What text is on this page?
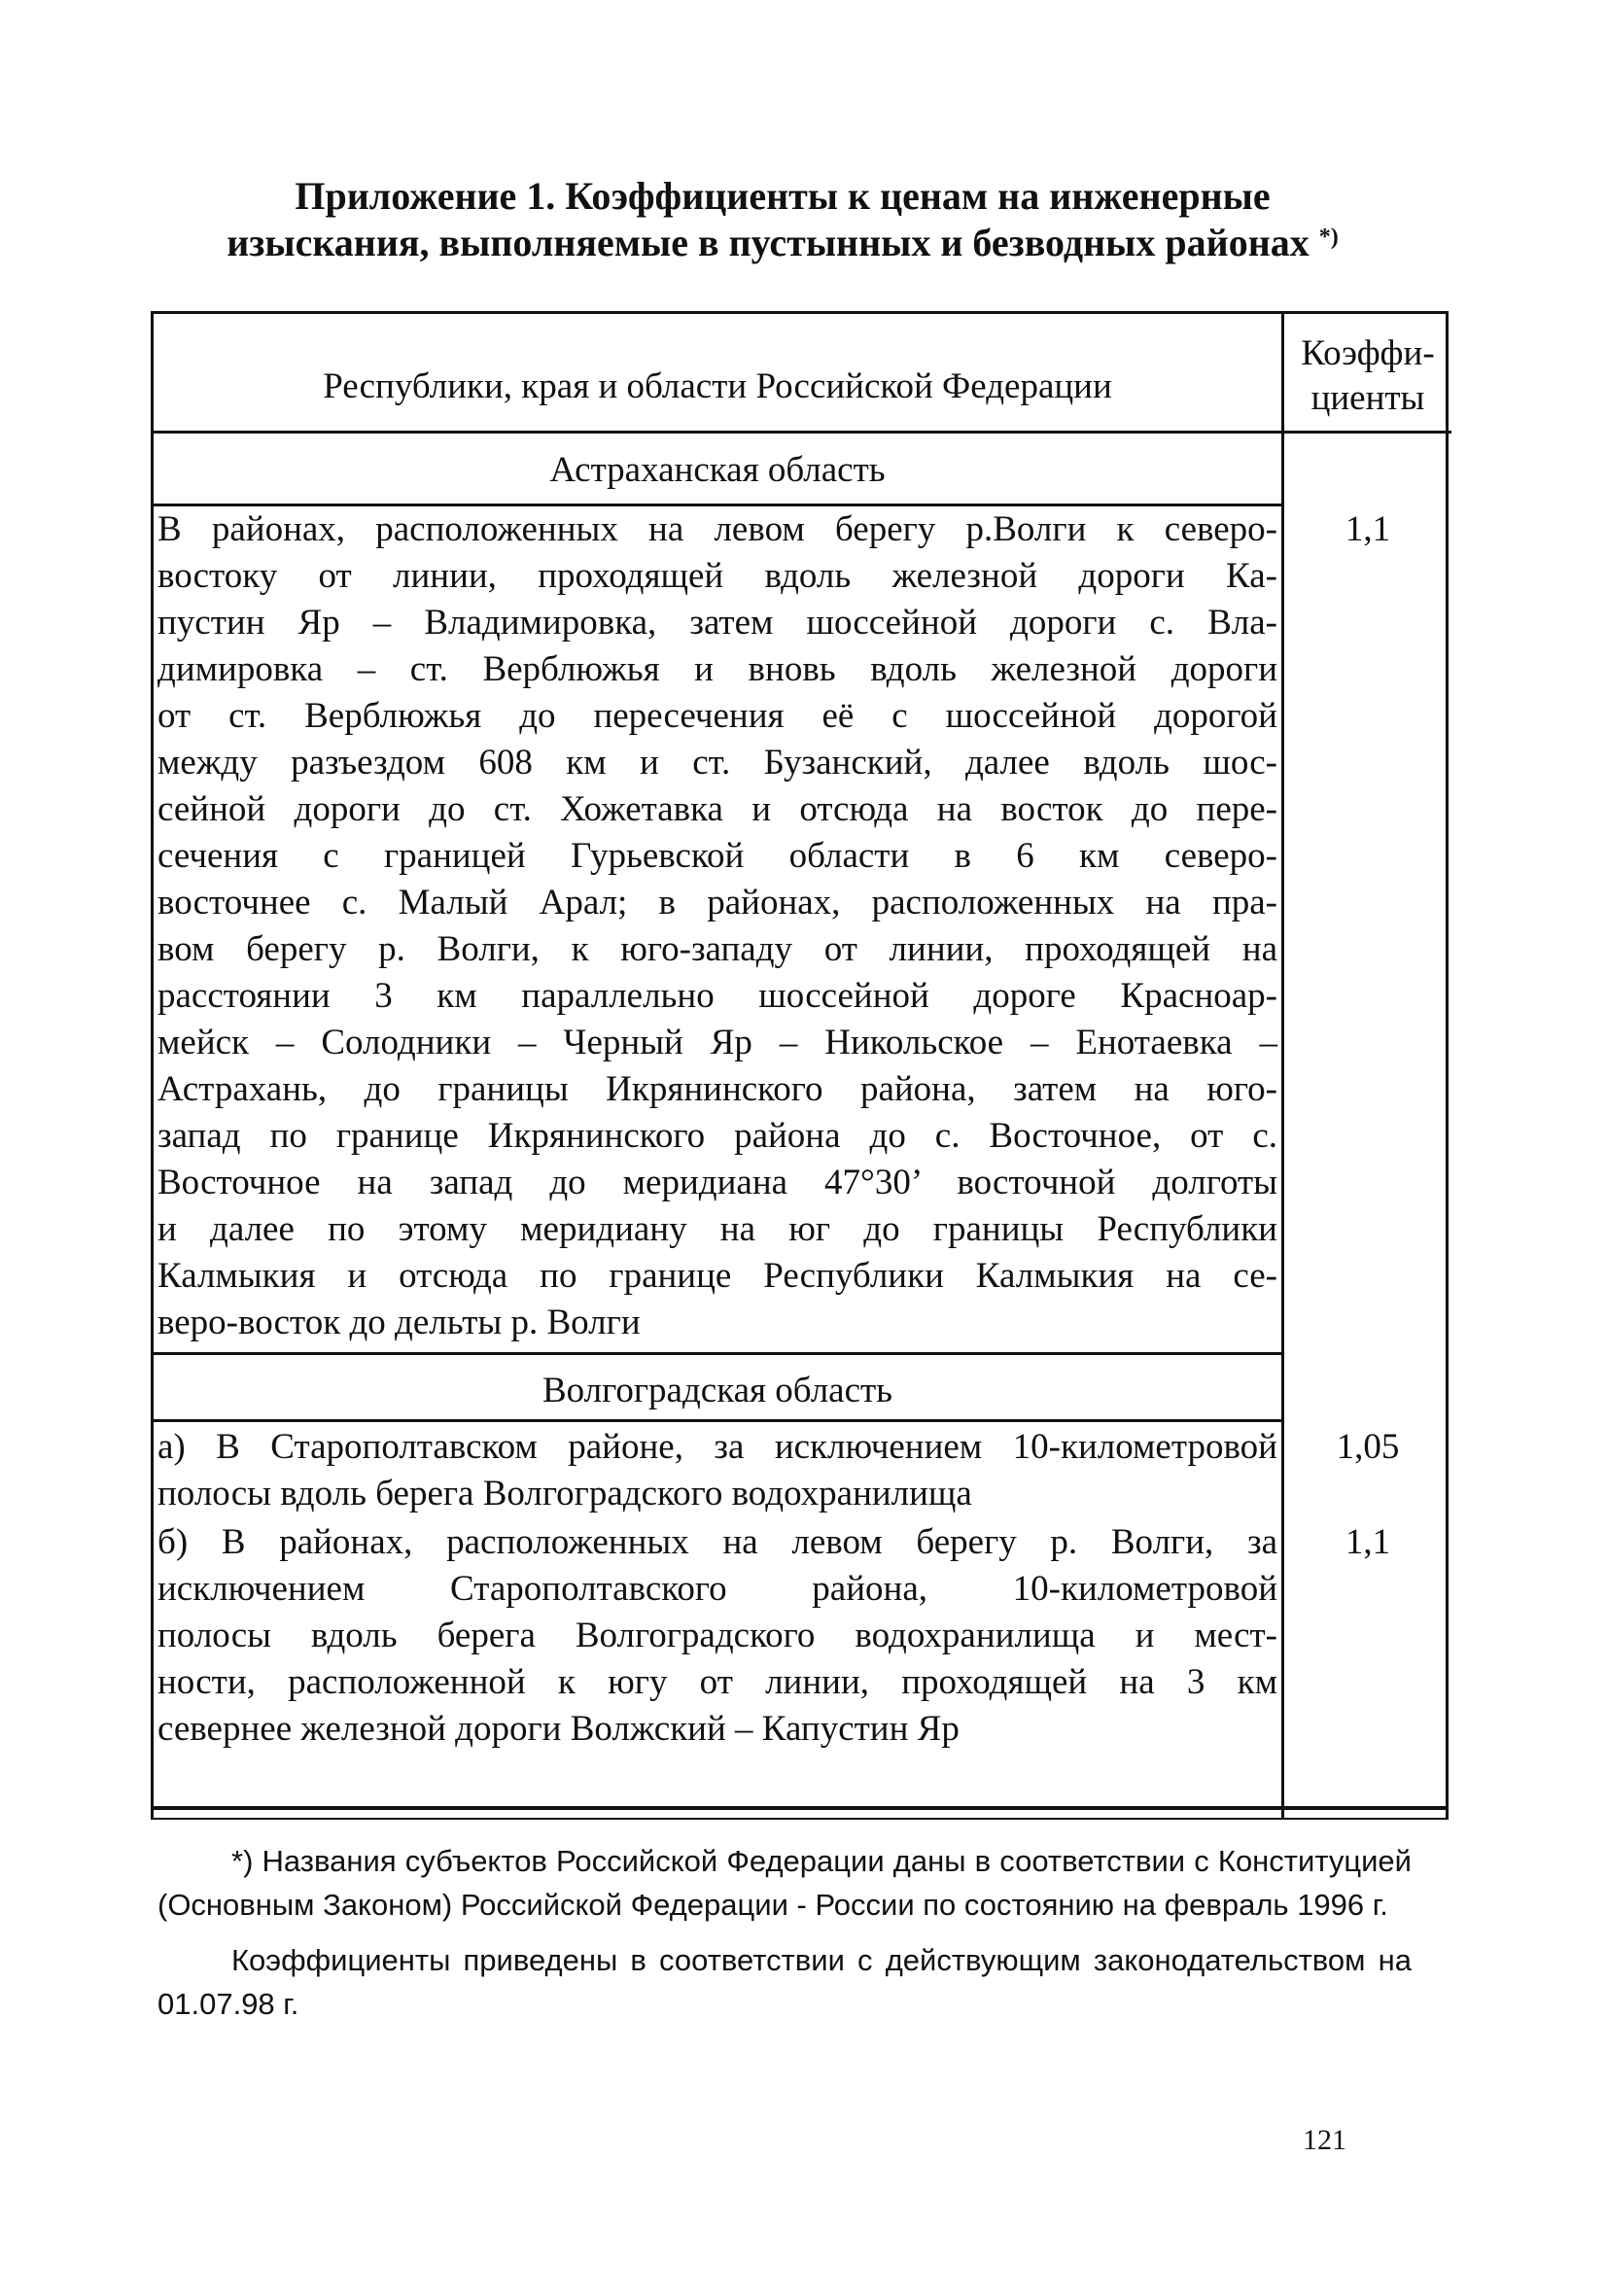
Приложение 1. Коэффициенты к ценам на инженерные
изыскания, выполняемые в пустынных и безводных районах *)
Республики, края и области Российской Федерации
Коэффи-
циенты
Астраханская область
В районах, расположенных на левом берегу р.Волги к северо-
востоку от линии, проходящей вдоль железной дороги Ка-
пустин Яр – Владимировка, затем шоссейной дороги с. Вла-
димировка – ст. Верблюжья и вновь вдоль железной дороги
от ст. Верблюжья до пересечения её с шоссейной дорогой
между разъездом 608 км и ст. Бузанский, далее вдоль шос-
сейной дороги до ст. Хожетавка и отсюда на восток до пере-
сечения с границей Гурьевской области в 6 км северо-
восточнее с. Малый Арал; в районах, расположенных на пра-
вом берегу р. Волги, к юго-западу от линии, проходящей на
расстоянии 3 км параллельно шоссейной дороге Красноар-
мейск – Солодники – Черный Яр – Никольское – Енотаевка –
Астрахань, до границы Икрянинского района, затем на юго-
запад по границе Икрянинского района до с. Восточное, от с.
Восточное на запад до меридиана 47°30’ восточной долготы
и далее по этому меридиану на юг до границы Республики
Калмыкия и отсюда по границе Республики Калмыкия на се-
веро-восток до дельты р. Волги
1,1
Волгоградская область
а) В Старополтавском районе, за исключением 10-километровой
полосы вдоль берега Волгоградского водохранилища
1,05
б) В районах, расположенных на левом берегу р. Волги, за
исключением Старополтавского районa, 10-километровой
полосы вдоль берега Волгоградского водохранилища и мест-
ности, расположенной к югу от линии, проходящей на 3 км
севернее железной дороги Волжский – Капустин Яр
1,1

*) Названия субъектов Российской Федерации даны в соответствии с Конституцией (Основным Законом) Российской Федерации - России по состоянию на февраль 1996 г.

Коэффициенты приведены в соответствии с действующим законодательством на 01.07.98 г.

121
